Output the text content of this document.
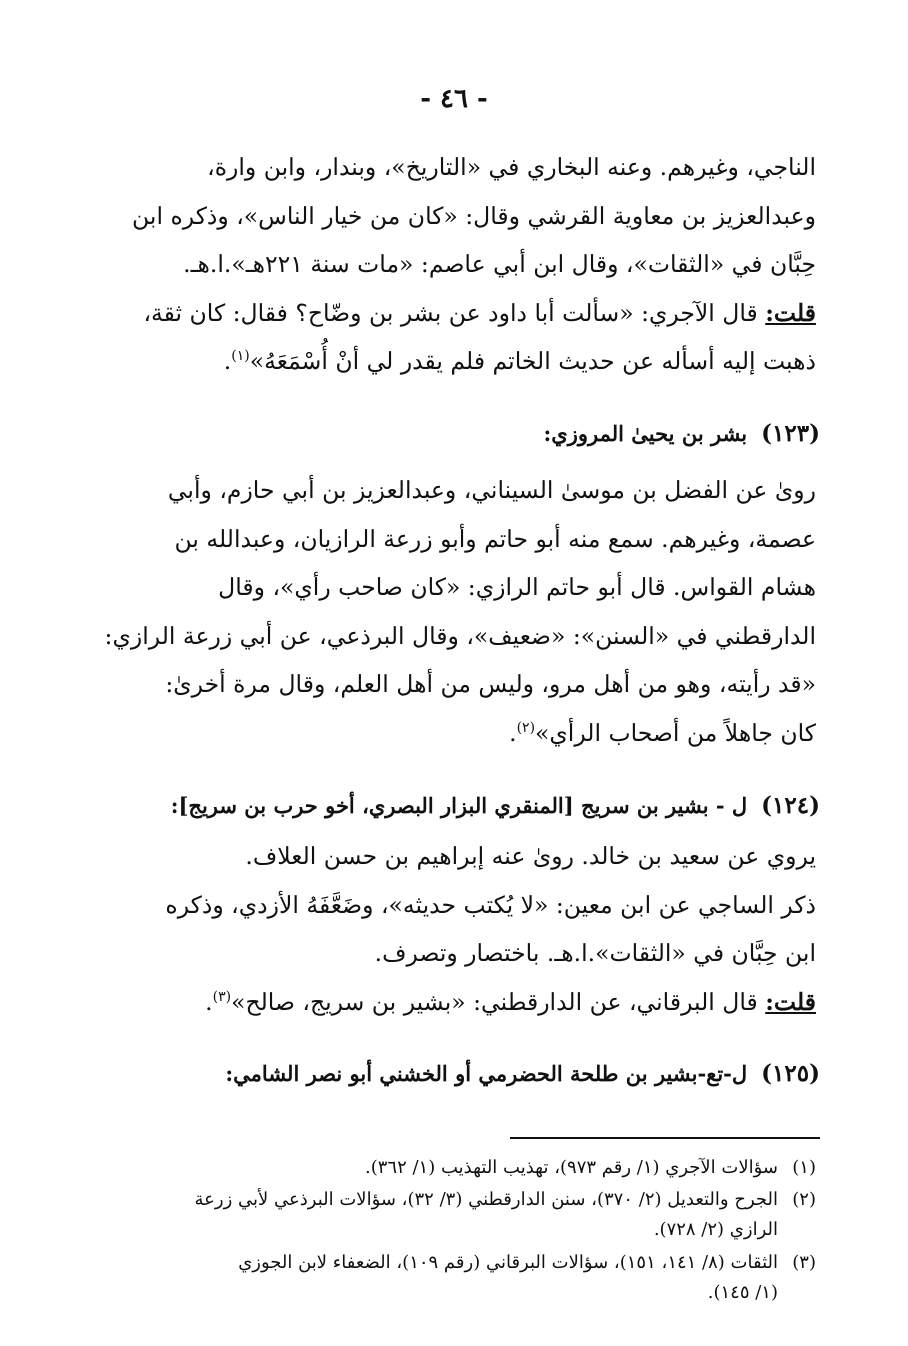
- ٤٦ -

الناجي، وغيرهم. وعنه البخاري في «التاريخ»، وبندار، وابن وارة،

وعبدالعزيز بن معاوية القرشي وقال: «كان من خيار الناس»، وذكره ابن

حِبَّان في «الثقات»، وقال ابن أبي عاصم: «مات سنة ٢٢١هـ».ا.هـ.

قلت: قال الآجري: «سألت أبا داود عن بشر بن وضّاح؟ فقال: كان ثقة،

ذهبت إليه أسأله عن حديث الخاتم فلم يقدر لي أنْ أُسْمَعَهُ»$^{(١)}$.

(١٢٣)بشر بن يحيىٰ المروزي:

رویٰ عن الفضل بن موسیٰ السيناني، وعبدالعزيز بن أبي حازم، وأبي

عصمة، وغيرهم. سمع منه أبو حاتم وأبو زرعة الرازيان، وعبدالله بن

هشام القواس. قال أبو حاتم الرازي: «كان صاحب رأي»، وقال

الدارقطني في «السنن»: «ضعيف»، وقال البرذعي، عن أبي زرعة الرازي:

«قد رأيته، وهو من أهل مرو، وليس من أهل العلم، وقال مرة أخرىٰ:

كان جاهلاً من أصحاب الرأي»$^{(٢)}$.

(١٢٤)ل - بشير بن سريج [المنقري البزار البصري، أخو حرب بن سريج]:

يروي عن سعيد بن خالد. رویٰ عنه إبراهيم بن حسن العلاف.

ذكر الساجي عن ابن معين: «لا يُكتب حديثه»، وضَعَّفَهُ الأزدي، وذكره

ابن حِبَّان في «الثقات».ا.هـ. باختصار وتصرف.

قلت: قال البرقاني، عن الدارقطني: «بشير بن سريج، صالح»$^{(٣)}$.

(١٢٥)ل-تع-بشير بن طلحة الحضرمي أو الخشني أبو نصر الشامي:
(١)سؤالات الآجري (١/ رقم ٩٧٣)، تهذيب التهذيب (١/ ٣٦٢).
(٢)الجرح والتعديل (٢/ ٣٧٠)، سنن الدارقطني (٣/ ٣٢)، سؤالات البرذعي لأبي زرعة
الرازي (٢/ ٧٢٨).
(٣)الثقات (٨/ ١٤١، ١٥١)، سؤالات البرقاني (رقم ١٠٩)، الضعفاء لابن الجوزي
(١/ ١٤٥).
